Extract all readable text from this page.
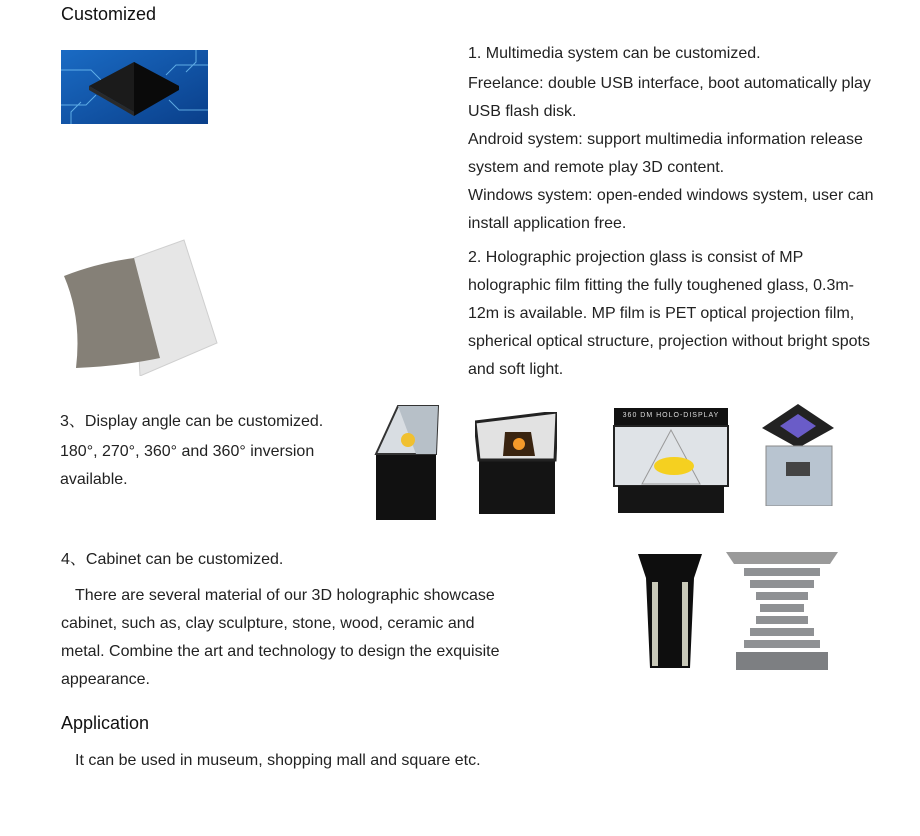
Customized

1. Multimedia system can be customized.

Freelance: double USB interface, boot automatically play USB flash disk.

Android system: support multimedia information release system and remote play 3D content.

Windows system: open-ended windows system, user can install application free.

2. Holographic projection glass is consist of MP holographic film fitting the fully toughened glass, 0.3m-12m is available. MP film is PET optical projection film, spherical optical structure, projection without bright spots and soft light.

3、Display angle can be customized.

180°, 270°, 360° and 360° inversion available.

360 DM HOLO-DISPLAY

4、Cabinet can be customized.

There are several material of our 3D holographic showcase cabinet, such as, clay sculpture, stone, wood, ceramic and metal. Combine the art and technology to design the exquisite appearance.

Application
It can be used in museum, shopping mall and square etc.
